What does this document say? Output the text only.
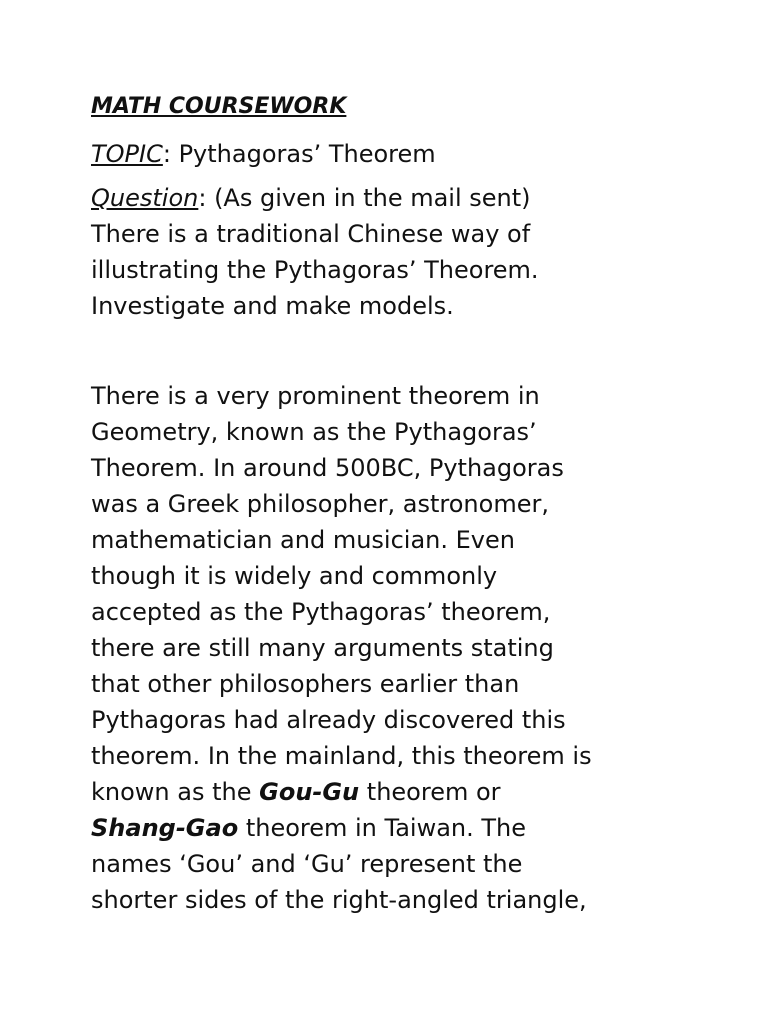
MATH COURSEWORK

TOPIC: Pythagoras’ Theorem

Question: (As given in the mail sent)

There is a traditional Chinese way of

illustrating the Pythagoras’ Theorem.

Investigate and make models.

There is a very prominent theorem in

Geometry, known as the Pythagoras’

Theorem. In around 500BC, Pythagoras

was a Greek philosopher, astronomer,

mathematician and musician. Even

though it is widely and commonly

accepted as the Pythagoras’ theorem,

there are still many arguments stating

that other philosophers earlier than

Pythagoras had already discovered this

theorem. In the mainland, this theorem is

known as the Gou-Gu theorem or

Shang-Gao theorem in Taiwan. The

names ‘Gou’ and ‘Gu’ represent the

shorter sides of the right-angled triangle,
